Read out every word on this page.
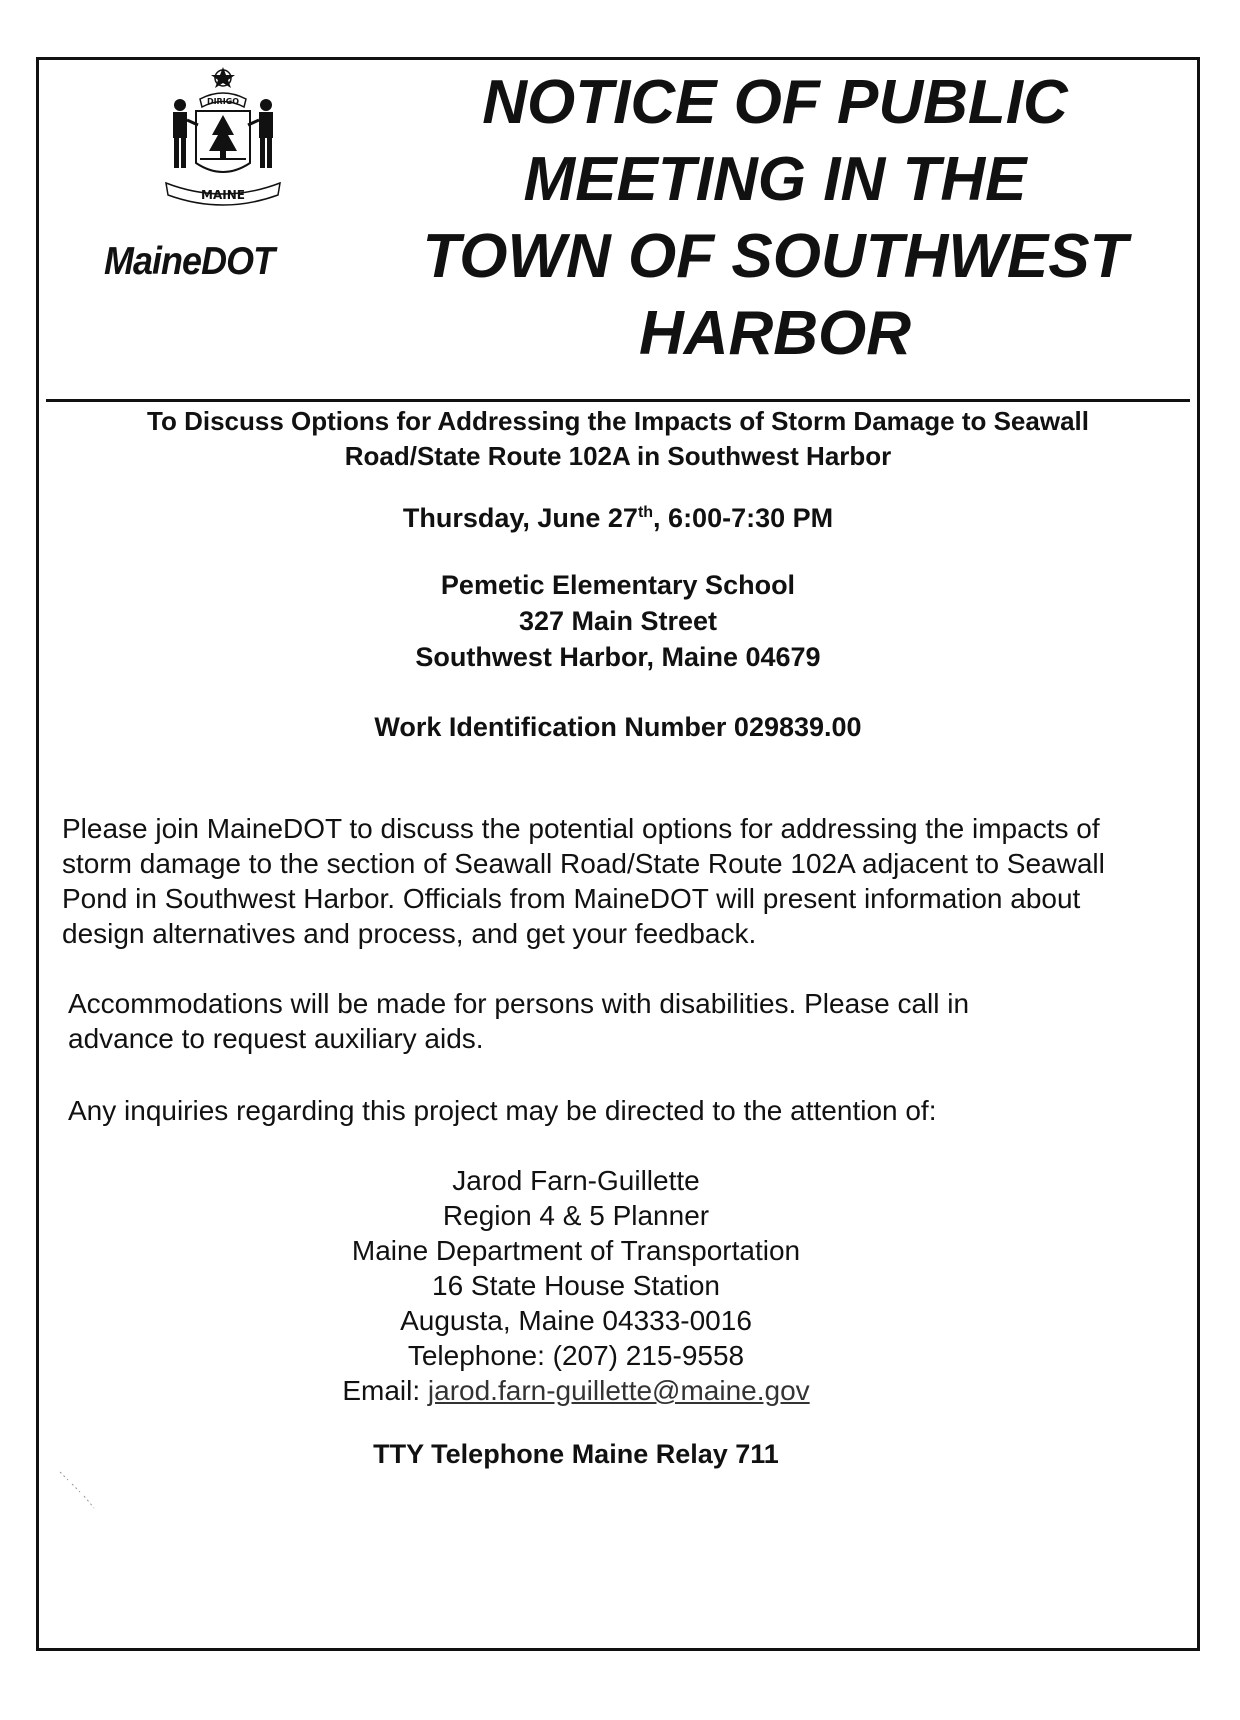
DIRIGO
MAINE
MaineDOT
NOTICE OF PUBLIC
MEETING IN THE
TOWN OF SOUTHWEST
HARBOR
To Discuss Options for Addressing the Impacts of Storm Damage to Seawall
Road/State Route 102A in Southwest Harbor
Thursday, June 27th, 6:00-7:30 PM
Pemetic Elementary School
327 Main Street
Southwest Harbor, Maine 04679
Work Identification Number 029839.00

Please join MaineDOT to discuss the potential options for addressing the impacts of
storm damage to the section of Seawall Road/State Route 102A adjacent to Seawall
Pond in Southwest Harbor. Officials from MaineDOT will present information about
design alternatives and process, and get your feedback.

Accommodations will be made for persons with disabilities. Please call in
advance to request auxiliary aids.

Any inquiries regarding this project may be directed to the attention of:

Jarod Farn-Guillette
Region 4 & 5 Planner
Maine Department of Transportation
16 State House Station
Augusta, Maine 04333-0016
Telephone: (207) 215-9558
Email: jarod.farn-guillette@maine.gov
TTY Telephone Maine Relay 711
